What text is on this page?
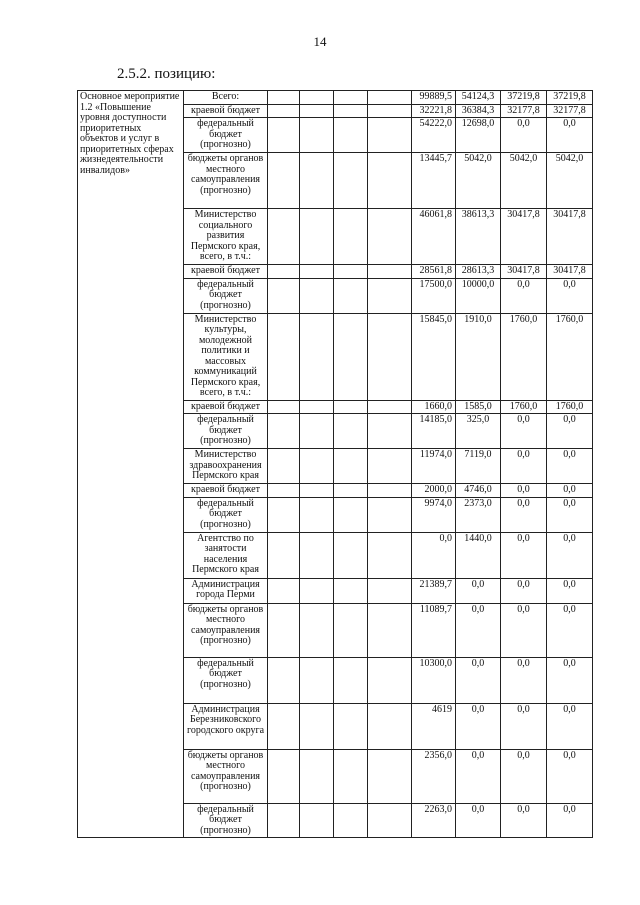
14
2.5.2. позицию:
Основное мероприятие 1.2 «Повышение уровня доступности приоритетных объектов и услуг в приоритетных сферах жизнедеятельности инвалидов»	Всего:					99889,5	54124,3	37219,8	37219,8
	краевой бюджет					32221,8	36384,3	32177,8	32177,8
	федеральный бюджет (прогнозно)					54222,0	12698,0	0,0	0,0
	бюджеты органов местного самоуправления (прогнозно)					13445,7	5042,0	5042,0	5042,0
	Министерство социального развития Пермского края, всего, в т.ч.:					46061,8	38613,3	30417,8	30417,8
	краевой бюджет					28561,8	28613,3	30417,8	30417,8
	федеральный бюджет (прогнозно)					17500,0	10000,0	0,0	0,0
	Министерство культуры, молодежной политики и массовых коммуникаций Пермского края, всего, в т.ч.:					15845,0	1910,0	1760,0	1760,0
	краевой бюджет					1660,0	1585,0	1760,0	1760,0
	федеральный бюджет (прогнозно)					14185,0	325,0	0,0	0,0
	Министерство здравоохранения Пермского края					11974,0	7119,0	0,0	0,0
	краевой бюджет					2000,0	4746,0	0,0	0,0
	федеральный бюджет (прогнозно)					9974,0	2373,0	0,0	0,0
	Агентство по занятости населения Пермского края					0,0	1440,0	0,0	0,0
	Администрация города Перми					21389,7	0,0	0,0	0,0
	бюджеты органов местного самоуправления (прогнозно)					11089,7	0,0	0,0	0,0
	федеральный бюджет (прогнозно)					10300,0	0,0	0,0	0,0
	Администрация Березниковского городского округа					4619	0,0	0,0	0,0
	бюджеты органов местного самоуправления (прогнозно)					2356,0	0,0	0,0	0,0
	федеральный бюджет (прогнозно)					2263,0	0,0	0,0	0,0
